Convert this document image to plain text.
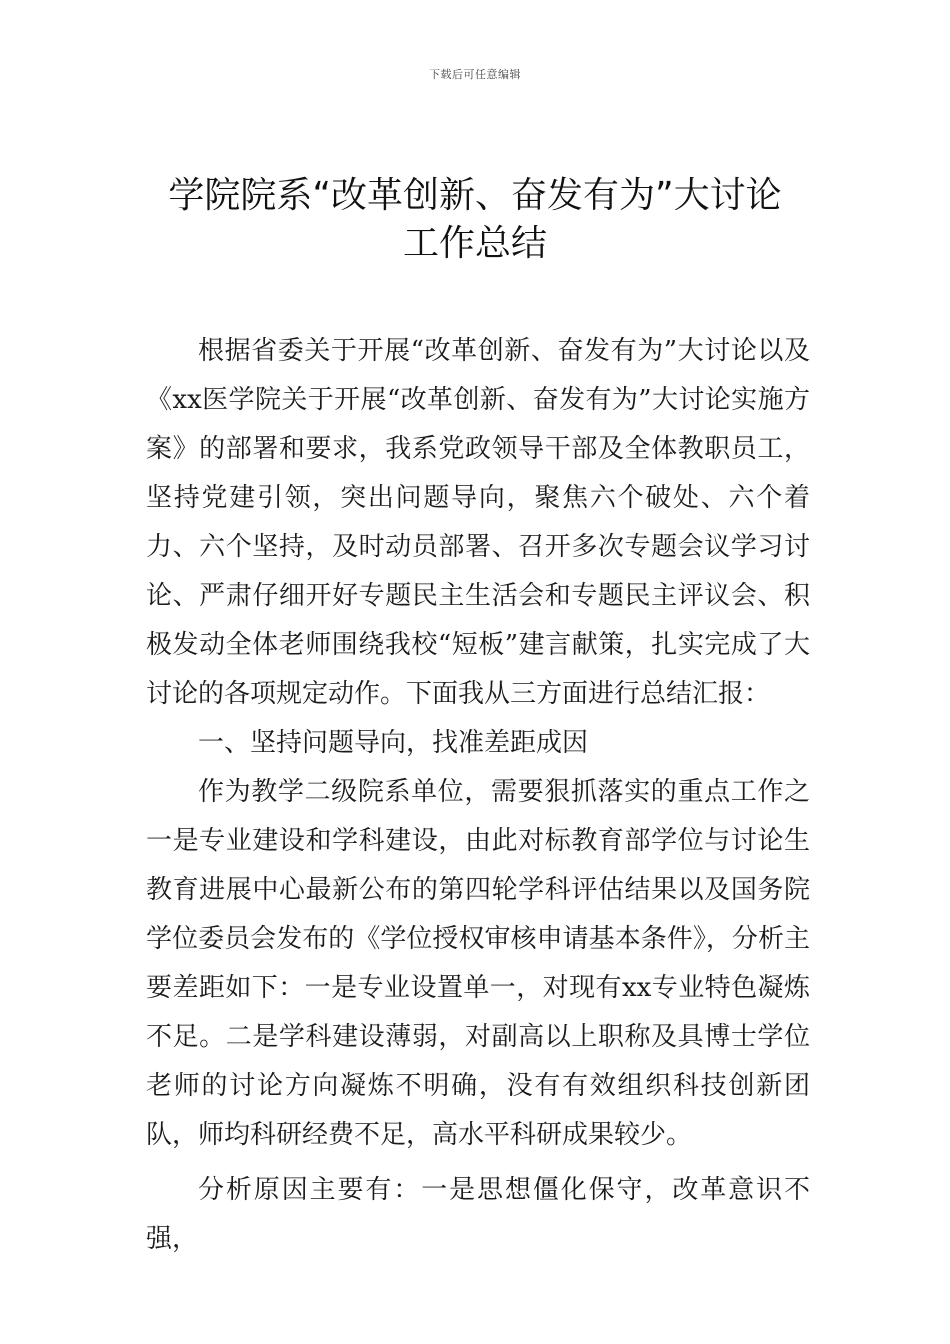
下载后可任意编辑
学院院系“改革创新、奋发有为”大讨论
工作总结

根据省委关于开展“改革创新、奋发有为”大讨论以及《xx医学院关于开展“改革创新、奋发有为”大讨论实施方案》的部署和要求，我系党政领导干部及全体教职员工，坚持党建引领，突出问题导向，聚焦六个破处、六个着力、六个坚持，及时动员部署、召开多次专题会议学习讨论、严肃仔细开好专题民主生活会和专题民主评议会、积极发动全体老师围绕我校“短板”建言献策，扎实完成了大讨论的各项规定动作。下面我从三方面进行总结汇报：

一、坚持问题导向，找准差距成因

作为教学二级院系单位，需要狠抓落实的重点工作之一是专业建设和学科建设，由此对标教育部学位与讨论生教育进展中心最新公布的第四轮学科评估结果以及国务院学位委员会发布的《学位授权审核申请基本条件》，分析主要差距如下：一是专业设置单一，对现有xx专业特色凝炼不足。二是学科建设薄弱，对副高以上职称及具博士学位老师的讨论方向凝炼不明确，没有有效组织科技创新团队，师均科研经费不足，高水平科研成果较少。

分析原因主要有：一是思想僵化保守，改革意识不强，
